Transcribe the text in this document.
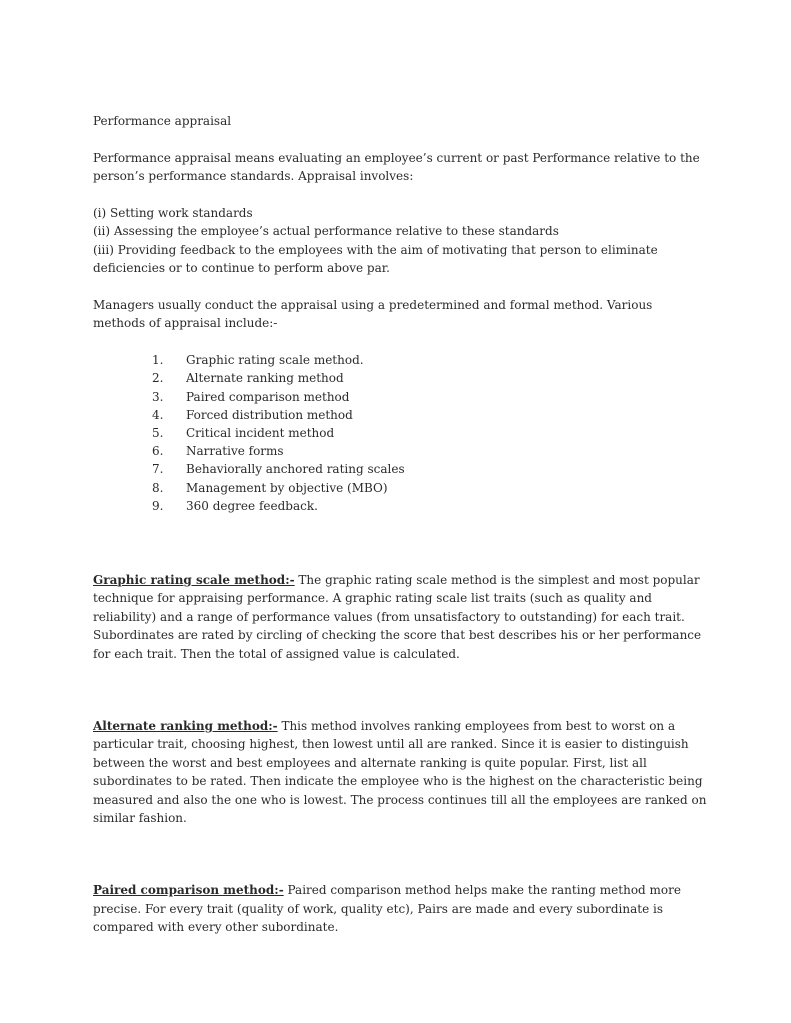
Performance appraisal

Performance appraisal means evaluating an employee’s current or past Performance relative to the person’s performance standards. Appraisal involves:

(i) Setting work standards

(ii) Assessing the employee’s actual performance relative to these standards

(iii) Providing feedback to the employees with the aim of motivating that person to eliminate deficiencies or to continue to perform above par.

Managers usually conduct the appraisal using a predetermined and formal method. Various methods of appraisal include:-

1.	Graphic rating scale method.
2.	Alternate ranking method
3.	Paired comparison method
4.	Forced distribution method
5.	Critical incident method
6.	Narrative forms
7.	Behaviorally anchored rating scales
8.	Management by objective (MBO)
9.	360 degree feedback.

Graphic rating scale method:- The graphic rating scale method is the simplest and most popular technique for appraising performance. A graphic rating scale list traits (such as quality and reliability) and a range of performance values (from unsatisfactory to outstanding) for each trait. Subordinates are rated by circling of checking the score that best describes his or her performance for each trait. Then the total of assigned value is calculated.

Alternate ranking method:- This method involves ranking employees from best to worst on a particular trait, choosing highest, then lowest until all are ranked. Since it is easier to distinguish between the worst and best employees and alternate ranking is quite popular. First, list all subordinates to be rated. Then indicate the employee who is the highest on the characteristic being measured and also the one who is lowest. The process continues till all the employees are ranked on similar fashion.

Paired comparison method:- Paired comparison method helps make the ranting method more precise. For every trait (quality of work, quality etc), Pairs are made and every subordinate is compared with every other subordinate.
